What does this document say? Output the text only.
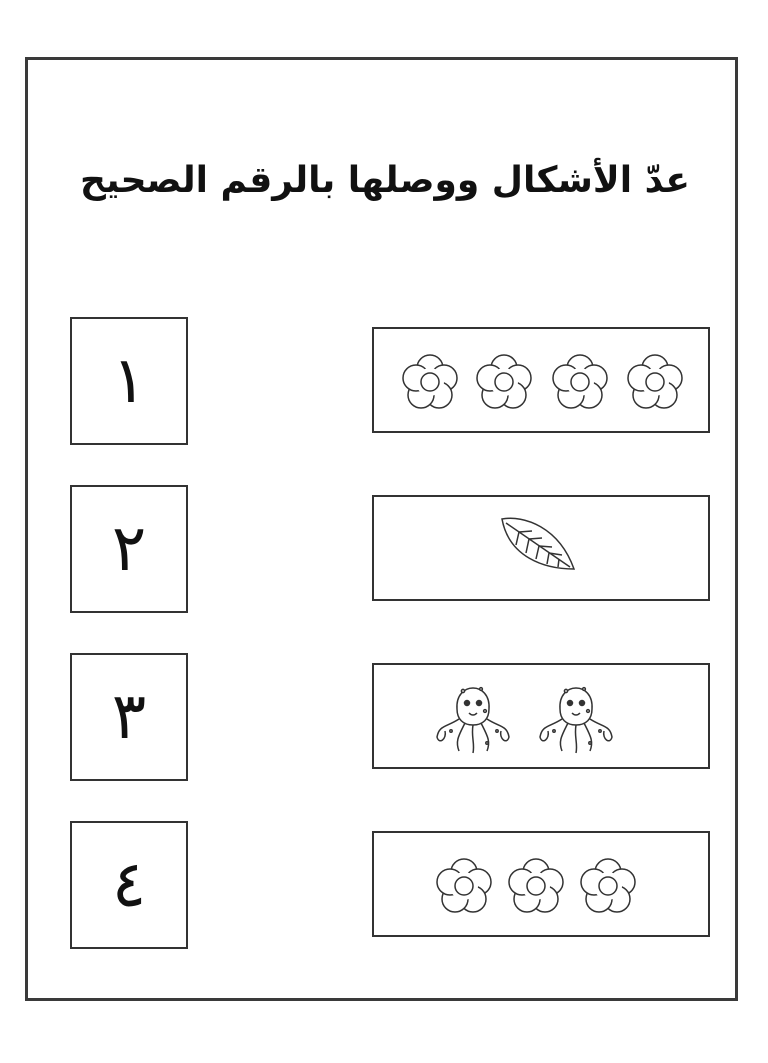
عدّ الأشكال ووصلها بالرقم الصحيح
١
٢
٣
٤
